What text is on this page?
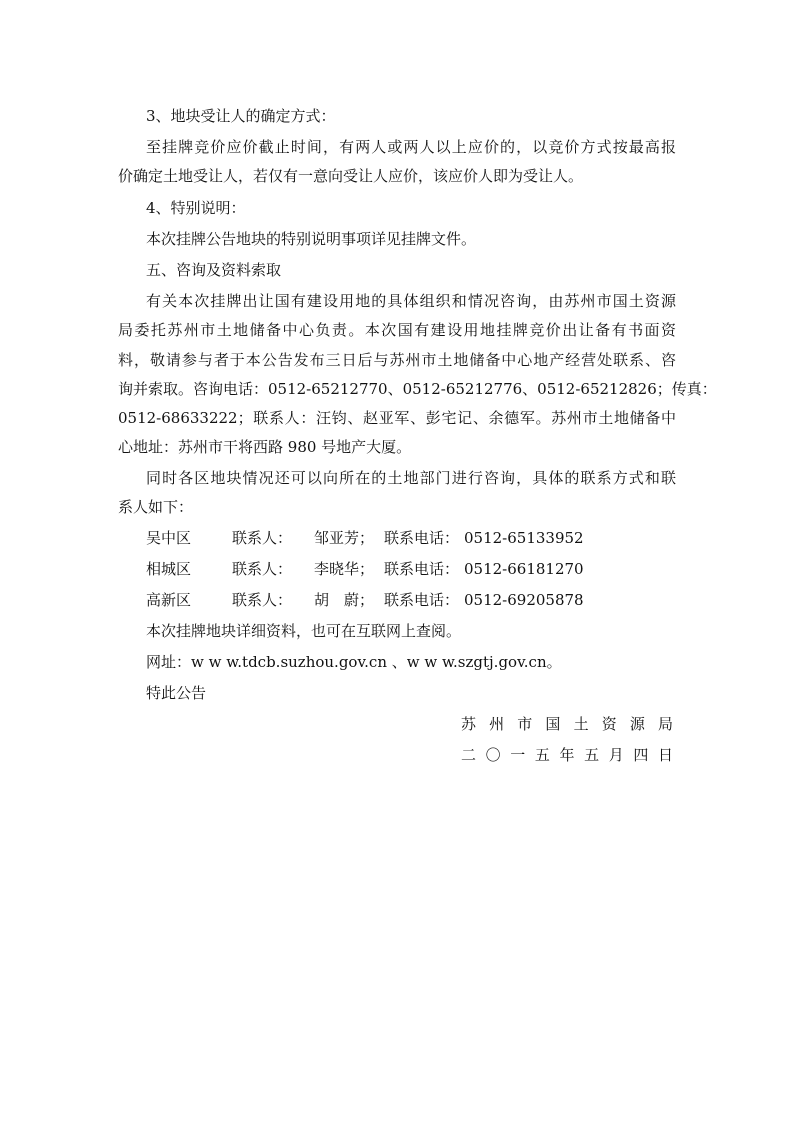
3、地块受让人的确定方式：
至挂牌竞价应价截止时间，有两人或两人以上应价的，以竞价方式按最高报
价确定土地受让人，若仅有一意向受让人应价，该应价人即为受让人。
4、特别说明：
本次挂牌公告地块的特别说明事项详见挂牌文件。
五、咨询及资料索取
有关本次挂牌出让国有建设用地的具体组织和情况咨询，由苏州市国土资源
局委托苏州市土地储备中心负责。本次国有建设用地挂牌竞价出让备有书面资
料，敬请参与者于本公告发布三日后与苏州市土地储备中心地产经营处联系、咨
询并索取。咨询电话：0512-65212770、0512-65212776、0512-65212826；传真：
0512-68633222；联系人：汪钧、赵亚军、彭宅记、余德军。苏州市土地储备中
心地址：苏州市干将西路 980 号地产大厦。
同时各区地块情况还可以向所在的土地部门进行咨询，具体的联系方式和联
系人如下：
吴中区	联系人： 邹亚芳； 联系电话： 0512-65133952
相城区	联系人： 李晓华； 联系电话： 0512-66181270
高新区	联系人： 胡　蔚； 联系电话： 0512-69205878
本次挂牌地块详细资料，也可在互联网上查阅。
网址：w w w.tdcb.suzhou.gov.cn 、w w w.szgtj.gov.cn。
特此公告
苏州市国土资源局
二〇一五年五月四日
